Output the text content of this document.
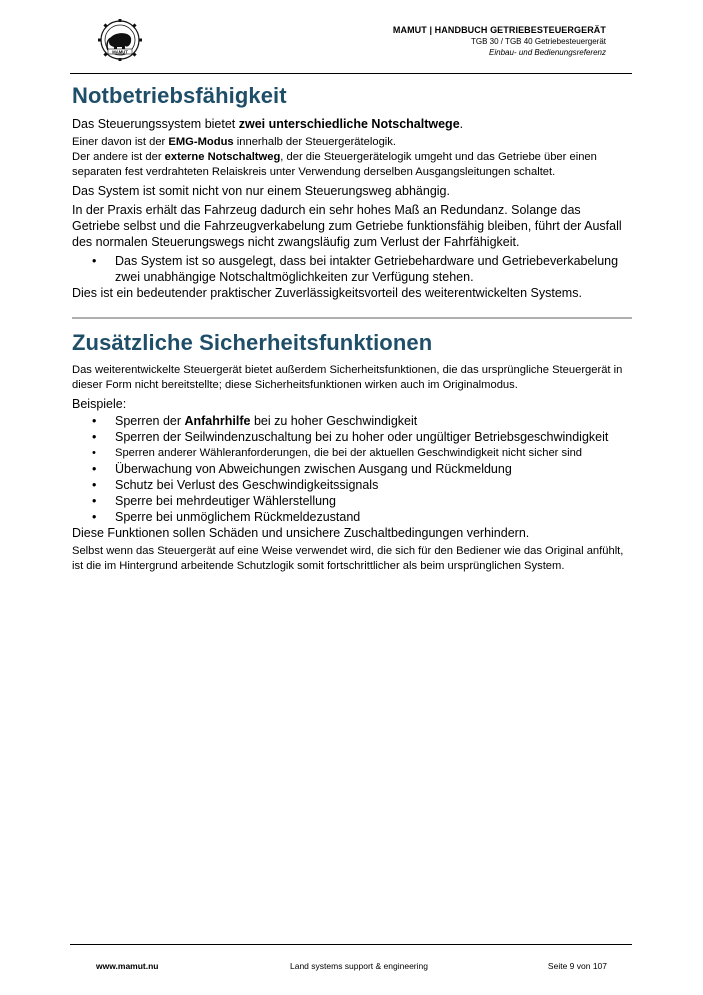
MAMUT
MAMUT | HANDBUCH GETRIEBESTEUERGERÄT
TGB 30 / TGB 40 Getriebesteuergerät
Einbau- und Bedienungsreferenz
Notbetriebsfähigkeit

Das Steuerungssystem bietet zwei unterschiedliche Notschaltwege.

Einer davon ist der EMG-Modus innerhalb der Steuergerätelogik.

Der andere ist der externe Notschaltweg, der die Steuergerätelogik umgeht und das Getriebe über einen separaten fest verdrahteten Relaiskreis unter Verwendung derselben Ausgangsleitungen schaltet.

Das System ist somit nicht von nur einem Steuerungsweg abhängig.

In der Praxis erhält das Fahrzeug dadurch ein sehr hohes Maß an Redundanz. Solange das Getriebe selbst und die Fahrzeugverkabelung zum Getriebe funktionsfähig bleiben, führt der Ausfall des normalen Steuerungswegs nicht zwangsläufig zum Verlust der Fahrfähigkeit.

• Das System ist so ausgelegt, dass bei intakter Getriebehardware und Getriebeverkabelung zwei unabhängige Notschaltmöglichkeiten zur Verfügung stehen.

Dies ist ein bedeutender praktischer Zuverlässigkeitsvorteil des weiterentwickelten Systems.

Zusätzliche Sicherheitsfunktionen

Das weiterentwickelte Steuergerät bietet außerdem Sicherheitsfunktionen, die das ursprüngliche Steuergerät in dieser Form nicht bereitstellte; diese Sicherheitsfunktionen wirken auch im Originalmodus.

Beispiele:

• Sperren der Anfahrhilfe bei zu hoher Geschwindigkeit
• Sperren der Seilwindenzuschaltung bei zu hoher oder ungültiger Betriebsgeschwindigkeit
• Sperren anderer Wähleranforderungen, die bei der aktuellen Geschwindigkeit nicht sicher sind
• Überwachung von Abweichungen zwischen Ausgang und Rückmeldung
• Schutz bei Verlust des Geschwindigkeitssignals
• Sperre bei mehrdeutiger Wählerstellung
• Sperre bei unmöglichem Rückmeldezustand

Diese Funktionen sollen Schäden und unsichere Zuschaltbedingungen verhindern.

Selbst wenn das Steuergerät auf eine Weise verwendet wird, die sich für den Bediener wie das Original anfühlt, ist die im Hintergrund arbeitende Schutzlogik somit fortschrittlicher als beim ursprünglichen System.

www.mamut.nu	Land systems support & engineering	Seite 9 von 107
